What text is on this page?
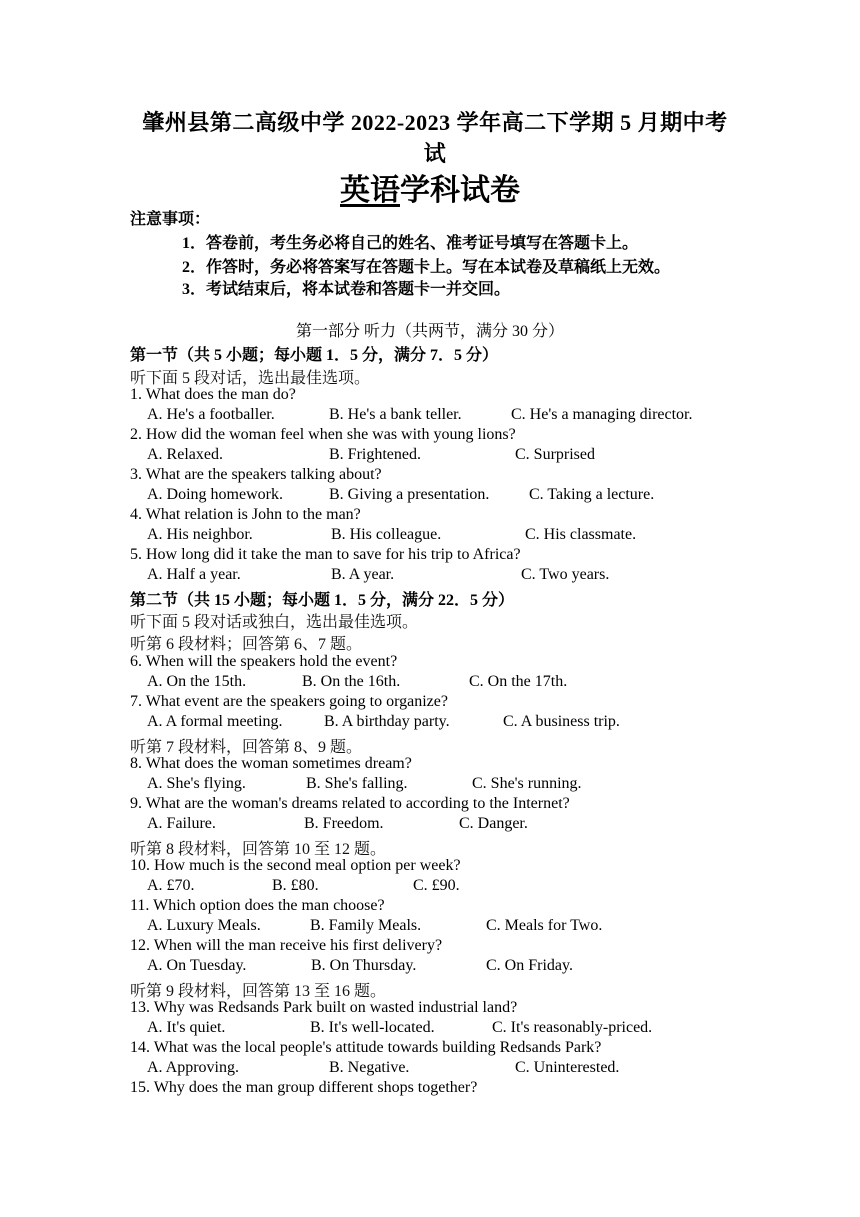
肇州县第二高级中学 2022-2023 学年高二下学期 5 月期中考
试
英语学科试卷
注意事项：
1．答卷前，考生务必将自己的姓名、准考证号填写在答题卡上。
2．作答时，务必将答案写在答题卡上。写在本试卷及草稿纸上无效。
3．考试结束后，将本试卷和答题卡一并交回。
第一部分 听力（共两节，满分 30 分）
第一节（共 5 小题；每小题 1．5 分，满分 7．5 分）
听下面 5 段对话，选出最佳选项。
1. What does the man do?
A. He's a footballer.	B. He's a bank teller.	C. He's a managing director.
2. How did the woman feel when she was with young lions?
A. Relaxed.	B. Frightened.	C. Surprised
3. What are the speakers talking about?
A. Doing homework.	B. Giving a presentation. C. Taking a lecture.
4. What relation is John to the man?
A. His neighbor.	B. His colleague.	C. His classmate.
5. How long did it take the man to save for his trip to Africa?
A. Half a year.	B. A year.	C. Two years.
第二节（共 15 小题；每小题 1．5 分，满分 22．5 分）
听下面 5 段对话或独白，选出最佳选项。
听第 6 段材料；回答第 6、7 题。
6. When will the speakers hold the event?
A. On the 15th.	B. On the 16th.	C. On the 17th.
7. What event are the speakers going to organize?
A. A formal meeting.	B. A birthday party.	C. A business trip.
听第 7 段材料，回答第 8、9 题。
8. What does the woman sometimes dream?
A. She's flying.	B. She's falling.	C. She's running.
9. What are the woman's dreams related to according to the Internet?
A. Failure.	B. Freedom.	C. Danger.
听第 8 段材料，回答第 10 至 12 题。
10. How much is the second meal option per week?
A. £70.	B. £80.	C. £90.
11. Which option does the man choose?
A. Luxury Meals.	B. Family Meals.	C. Meals for Two.
12. When will the man receive his first delivery?
A. On Tuesday.	B. On Thursday.	C. On Friday.
听第 9 段材料，回答第 13 至 16 题。
13. Why was Redsands Park built on wasted industrial land?
A. It's quiet.	B. It's well-located.	C. It's reasonably-priced.
14. What was the local people's attitude towards building Redsands Park?
A. Approving.	B. Negative.	C. Uninterested.
15. Why does the man group different shops together?
